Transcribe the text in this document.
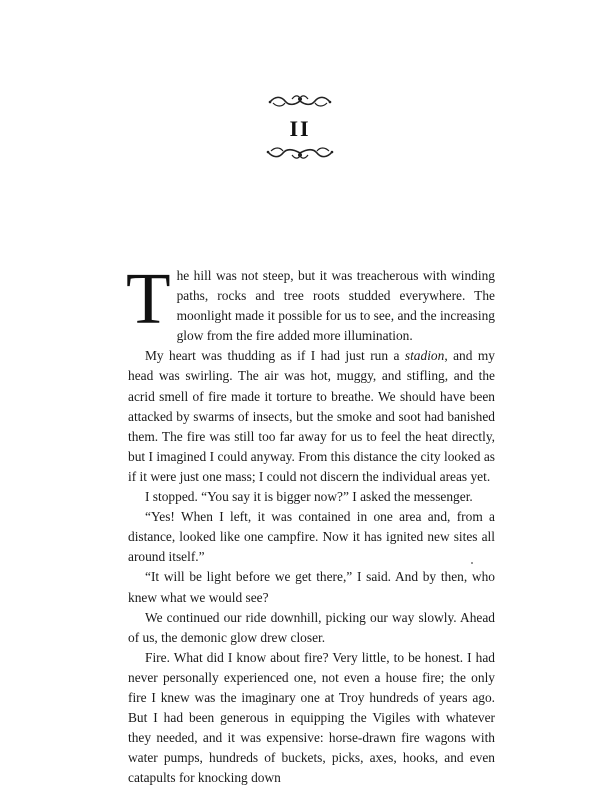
II

The hill was not steep, but it was treacherous with winding paths, rocks and tree roots studded everywhere. The moonlight made it possible for us to see, and the increasing glow from the fire added more illumination.

My heart was thudding as if I had just run a stadion, and my head was swirling. The air was hot, muggy, and stifling, and the acrid smell of fire made it torture to breathe. We should have been attacked by swarms of insects, but the smoke and soot had banished them. The fire was still too far away for us to feel the heat directly, but I imagined I could anyway. From this distance the city looked as if it were just one mass; I could not discern the individual areas yet.

I stopped. “You say it is bigger now?” I asked the messenger.

“Yes! When I left, it was contained in one area and, from a distance, looked like one campfire. Now it has ignited new sites all around itself.”

“It will be light before we get there,” I said. And by then, who knew what we would see?

We continued our ride downhill, picking our way slowly. Ahead of us, the demonic glow drew closer.

Fire. What did I know about fire? Very little, to be honest. I had never personally experienced one, not even a house fire; the only fire I knew was the imaginary one at Troy hundreds of years ago. But I had been generous in equipping the Vigiles with whatever they needed, and it was expensive: horse-drawn fire wagons with water pumps, hundreds of buckets, picks, axes, hooks, and even catapults for knocking down
